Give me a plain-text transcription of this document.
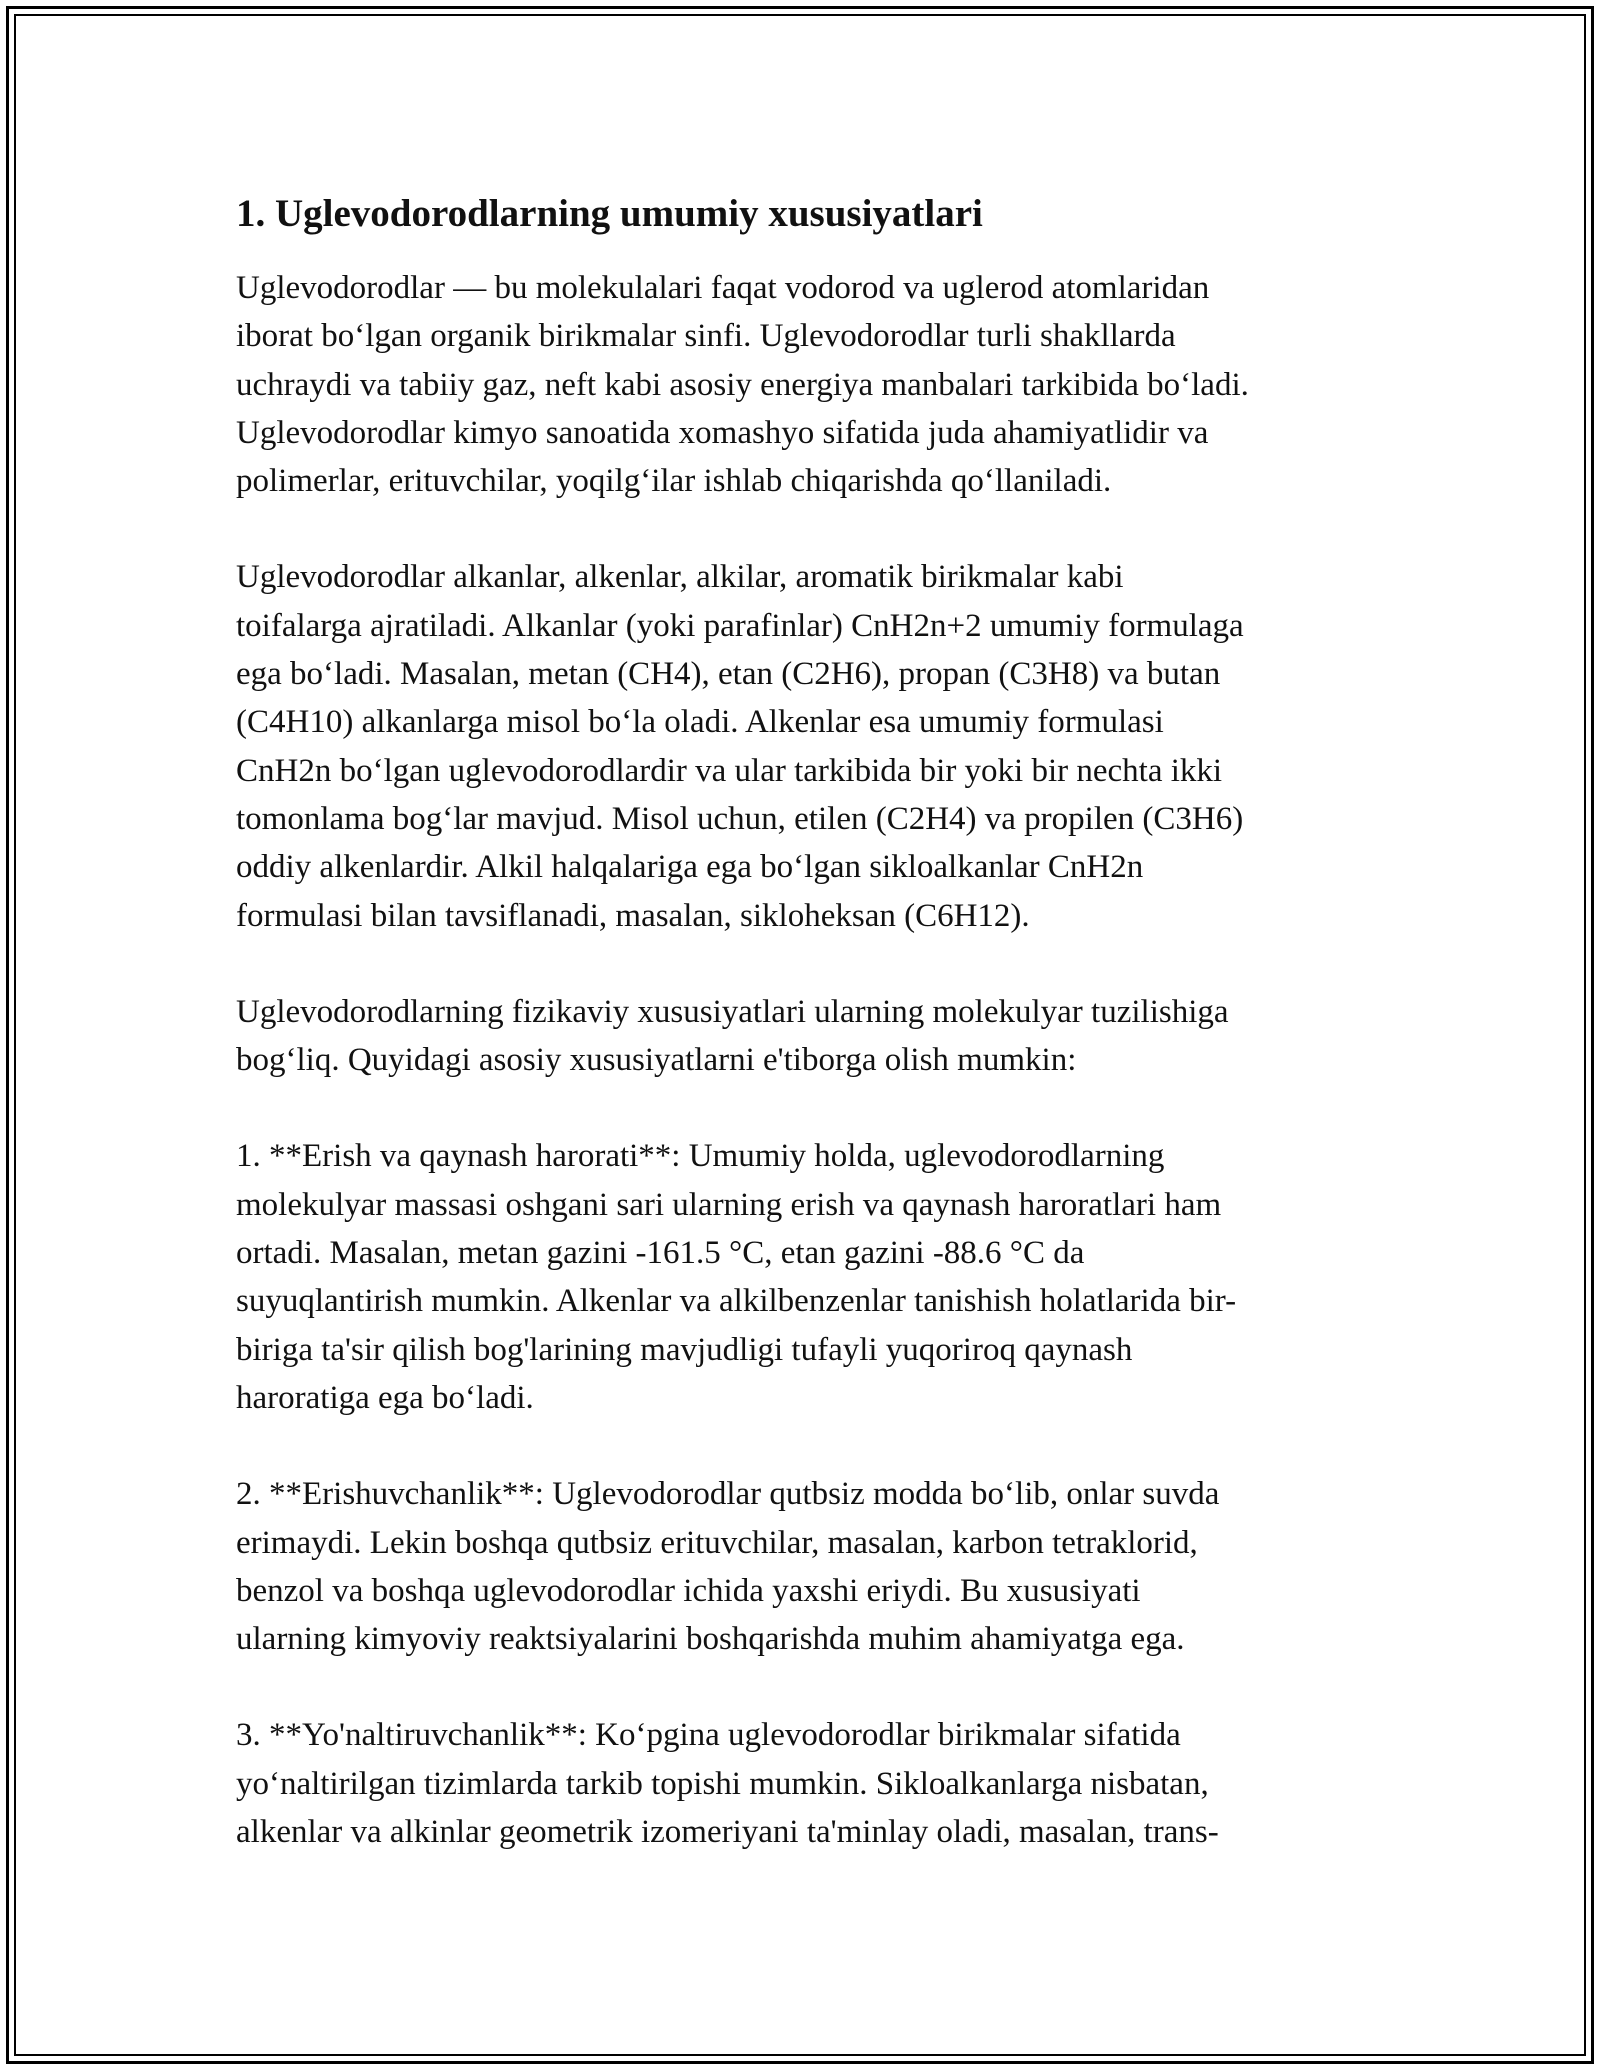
1. Uglevodorodlarning umumiy xususiyatlari

Uglevodorodlar — bu molekulalari faqat vodorod va uglerod atomlaridan
iborat bo‘lgan organik birikmalar sinfi. Uglevodorodlar turli shakllarda
uchraydi va tabiiy gaz, neft kabi asosiy energiya manbalari tarkibida bo‘ladi.
Uglevodorodlar kimyo sanoatida xomashyo sifatida juda ahamiyatlidir va
polimerlar, erituvchilar, yoqilg‘ilar ishlab chiqarishda qo‘llaniladi.

Uglevodorodlar alkanlar, alkenlar, alkilar, aromatik birikmalar kabi
toifalarga ajratiladi. Alkanlar (yoki parafinlar) CnH2n+2 umumiy formulaga
ega bo‘ladi. Masalan, metan (CH4), etan (C2H6), propan (C3H8) va butan
(C4H10) alkanlarga misol bo‘la oladi. Alkenlar esa umumiy formulasi
CnH2n bo‘lgan uglevodorodlardir va ular tarkibida bir yoki bir nechta ikki
tomonlama bog‘lar mavjud. Misol uchun, etilen (C2H4) va propilen (C3H6)
oddiy alkenlardir. Alkil halqalariga ega bo‘lgan sikloalkanlar CnH2n
formulasi bilan tavsiflanadi, masalan, sikloheksan (C6H12).

Uglevodorodlarning fizikaviy xususiyatlari ularning molekulyar tuzilishiga
bog‘liq. Quyidagi asosiy xususiyatlarni e'tiborga olish mumkin:

1. **Erish va qaynash harorati**: Umumiy holda, uglevodorodlarning
molekulyar massasi oshgani sari ularning erish va qaynash haroratlari ham
ortadi. Masalan, metan gazini -161.5 °C, etan gazini -88.6 °C da
suyuqlantirish mumkin. Alkenlar va alkilbenzenlar tanishish holatlarida bir-
biriga ta'sir qilish bog'larining mavjudligi tufayli yuqoriroq qaynash
haroratiga ega bo‘ladi.

2. **Erishuvchanlik**: Uglevodorodlar qutbsiz modda bo‘lib, onlar suvda
erimaydi. Lekin boshqa qutbsiz erituvchilar, masalan, karbon tetraklorid,
benzol va boshqa uglevodorodlar ichida yaxshi eriydi. Bu xususiyati
ularning kimyoviy reaktsiyalarini boshqarishda muhim ahamiyatga ega.

3. **Yo'naltiruvchanlik**: Ko‘pgina uglevodorodlar birikmalar sifatida
yo‘naltirilgan tizimlarda tarkib topishi mumkin. Sikloalkanlarga nisbatan,
alkenlar va alkinlar geometrik izomeriyani ta'minlay oladi, masalan, trans-
